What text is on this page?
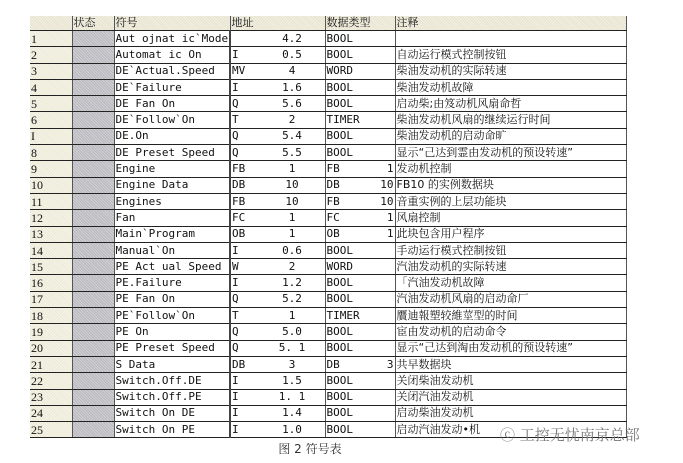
	状态	符号	地址	数据类型	注释
1		Aut ojnat ic`Mode	4.2	BOOL	

2		Automat ic On	I 0.5	BOOL	自动运行模式控制按钮
3		DE`Actual.Speed	MV 4	WORD	柴油发动机的实际转速
4		DE`Failure	I 1.6	BOOL	柴油发动机故障
5		DE Fan On	Q 5.6	BOOL	启动柴;由笈动机风扇命哲
6		DE`Follow`On	T 2	TIMER	柴油发动机风扇的继续运行时间
I		DE.On	Q 5.4	BOOL	柴油发动机的启动命旷
8		DE Preset Speed	Q 5.5	BOOL	显示“己达到霊由发动机的预设转速”
9		Engine	FB 1	FB 1	发动机控制
10		Engine Data	DB 10	DB 10	FB10 的实例数据块
11		Engines	FB 10	FB 10	音重实例的上层功能块
12		Fan	FC 1	FC 1	风扇控制
13		Main`Program	OB 1	OB 1	此块包含用户程序
14		Manual`On	I 0.6	BOOL	手动运行模式控制按钮
15		PE Act ual Speed	W 2	WORD	汽油发动机的实际转速
16		PE.Failure	I 1.2	BOOL	「汽油发动机故障
17		PE Fan On	Q 5.2	BOOL	汽油发动机风扇的启动命厂
18		PE`Follow`On	T 1	TIMER	贋迪報塑较維莖型的时间
19		PE On	Q 5.0	BOOL	宦由发动机的启动命令
20		PE Preset Speed	Q 5. 1	BOOL	显示“己达到淘由发动机的预设转速”
21		S Data	DB 3	DB 3	共早数据块
22		Switch.Off.DE	I 1.5	BOOL	关闭柴油发动机
23		Switch.Off.PE	I 1. 1	BOOL	关闭汽油发动机
24		Switch On DE	I 1.4	BOOL	启动柴油发动机
25		Switch On PE	I 1.0	BOOL	启动汽油发动•机
图 2 符号表
ⓒ 工控无忧南京总部
